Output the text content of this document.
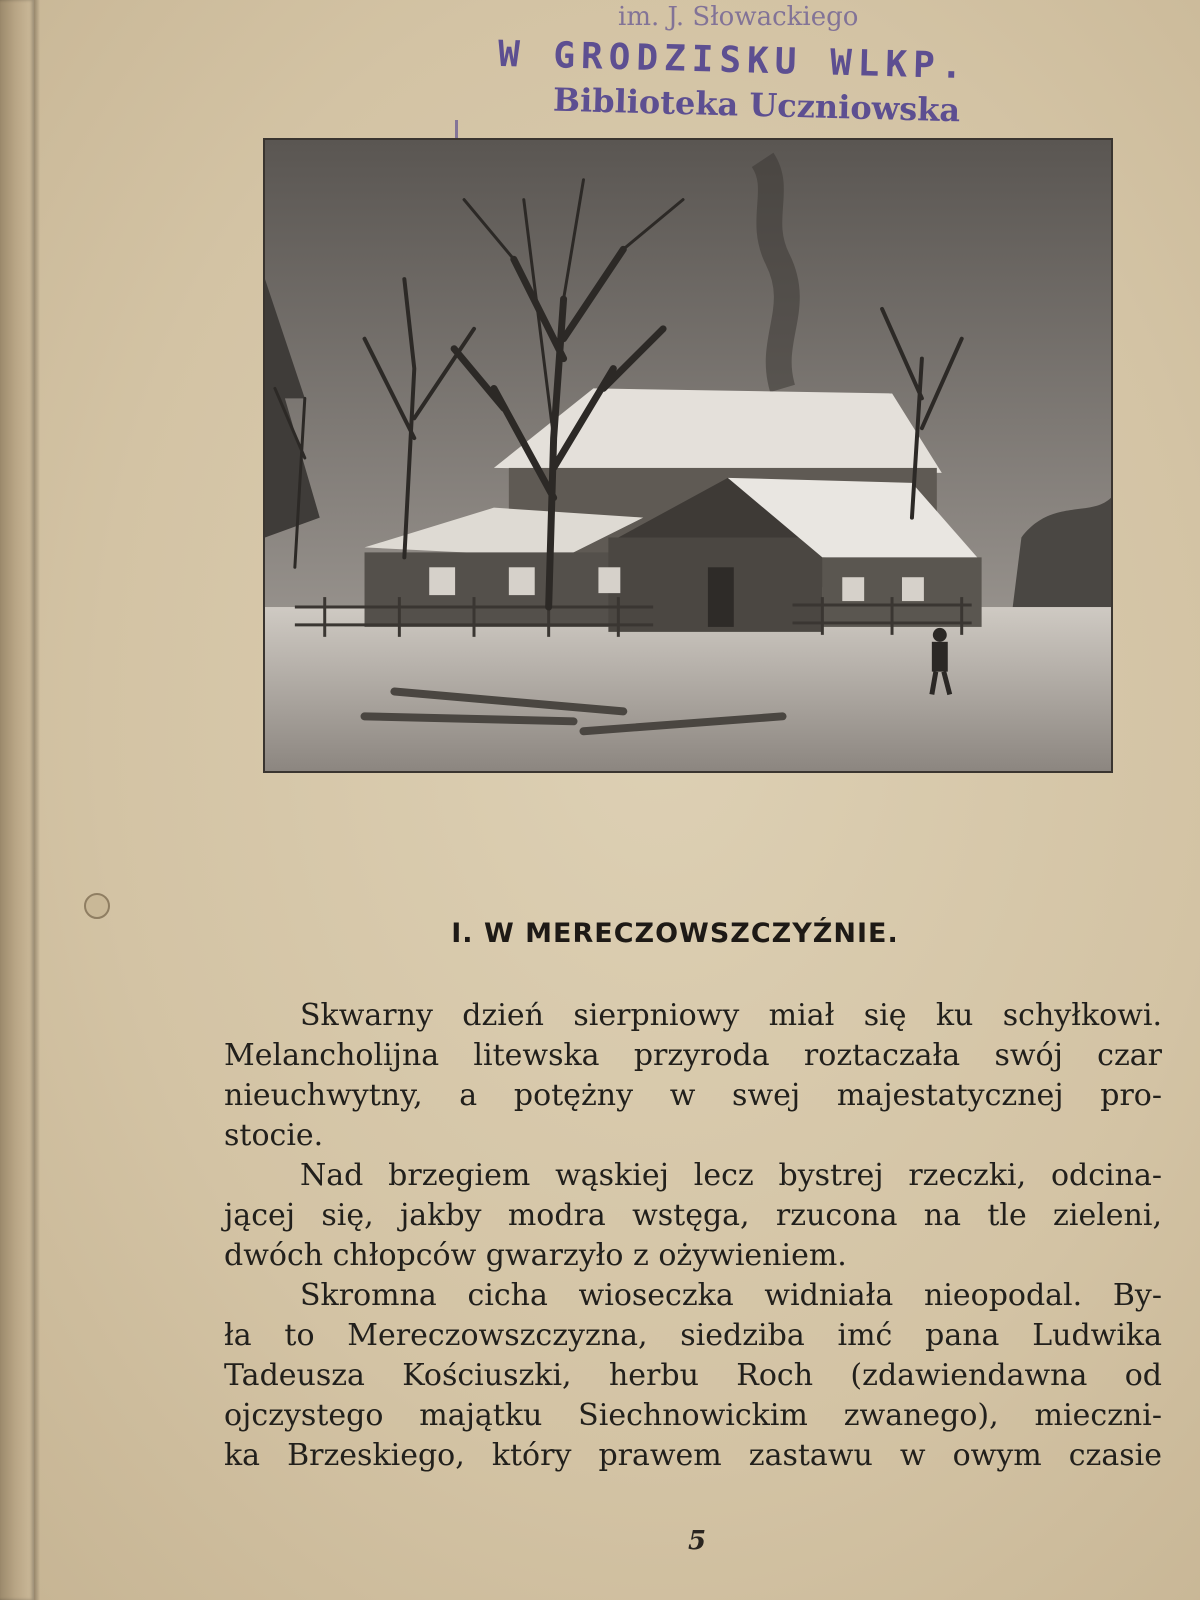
im. J. Słowackiego
W GRODZISKU WLKP.
Biblioteka Uczniowska
I. W MERECZOWSZCZYŹNIE.
Skwarny dzień sierpniowy miał się ku schyłkowi.
Melancholijna litewska przyroda roztaczała swój czar
nieuchwytny, a potężny w swej majestatycznej pro-
stocie.
Nad brzegiem wąskiej lecz bystrej rzeczki, odcina-
jącej się, jakby modra wstęga, rzucona na tle zieleni,
dwóch chłopców gwarzyło z ożywieniem.
Skromna cicha wioseczka widniała nieopodal. By-
ła to Mereczowszczyzna, siedziba imć pana Ludwika
Tadeusza Kościuszki, herbu Roch (zdawiendawna od
ojczystego majątku Siechnowickim zwanego), mieczni-
ka Brzeskiego, który prawem zastawu w owym czasie
5
